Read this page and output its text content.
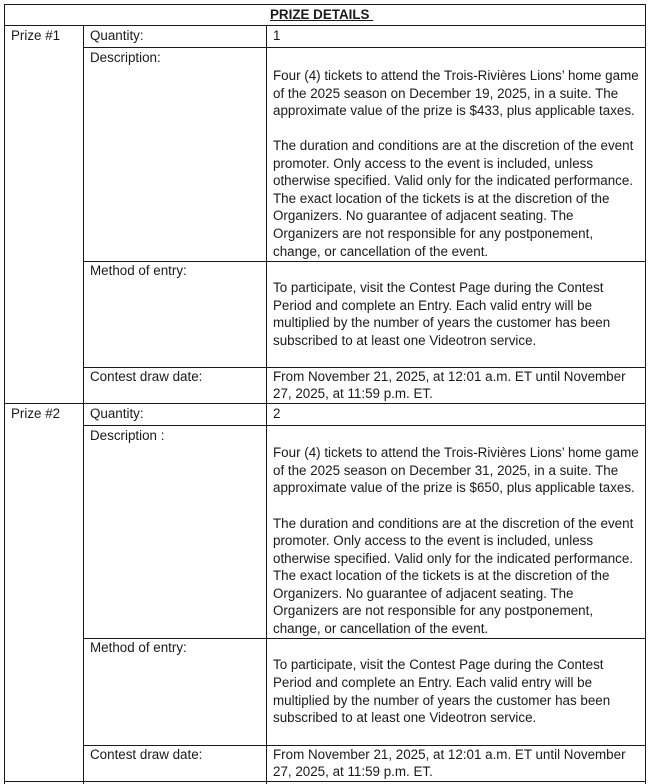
PRIZE DETAILS
Prize #1 Quantity:	1
Description:
Four (4) tickets to attend the Trois-Rivières Lions’ home game
of the 2025 season on December 19, 2025, in a suite. The
approximate value of the prize is $433, plus applicable taxes.
The duration and conditions are at the discretion of the event
promoter. Only access to the event is included, unless
otherwise specified. Valid only for the indicated performance.
The exact location of the tickets is at the discretion of the
Organizers. No guarantee of adjacent seating. The
Organizers are not responsible for any postponement,
change, or cancellation of the event.
Method of entry:
To participate, visit the Contest Page during the Contest
Period and complete an Entry. Each valid entry will be
multiplied by the number of years the customer has been
subscribed to at least one Videotron service.
Contest draw date:	From November 21, 2025, at 12:01 a.m. ET until November
27, 2025, at 11:59 p.m. ET.
Prize #2 Quantity:	2
Description :
Four (4) tickets to attend the Trois-Rivières Lions’ home game
of the 2025 season on December 31, 2025, in a suite. The
approximate value of the prize is $650, plus applicable taxes.
The duration and conditions are at the discretion of the event
promoter. Only access to the event is included, unless
otherwise specified. Valid only for the indicated performance.
The exact location of the tickets is at the discretion of the
Organizers. No guarantee of adjacent seating. The
Organizers are not responsible for any postponement,
change, or cancellation of the event.
Method of entry:
To participate, visit the Contest Page during the Contest
Period and complete an Entry. Each valid entry will be
multiplied by the number of years the customer has been
subscribed to at least one Videotron service.
Contest draw date:	From November 21, 2025, at 12:01 a.m. ET until November
27, 2025, at 11:59 p.m. ET.
